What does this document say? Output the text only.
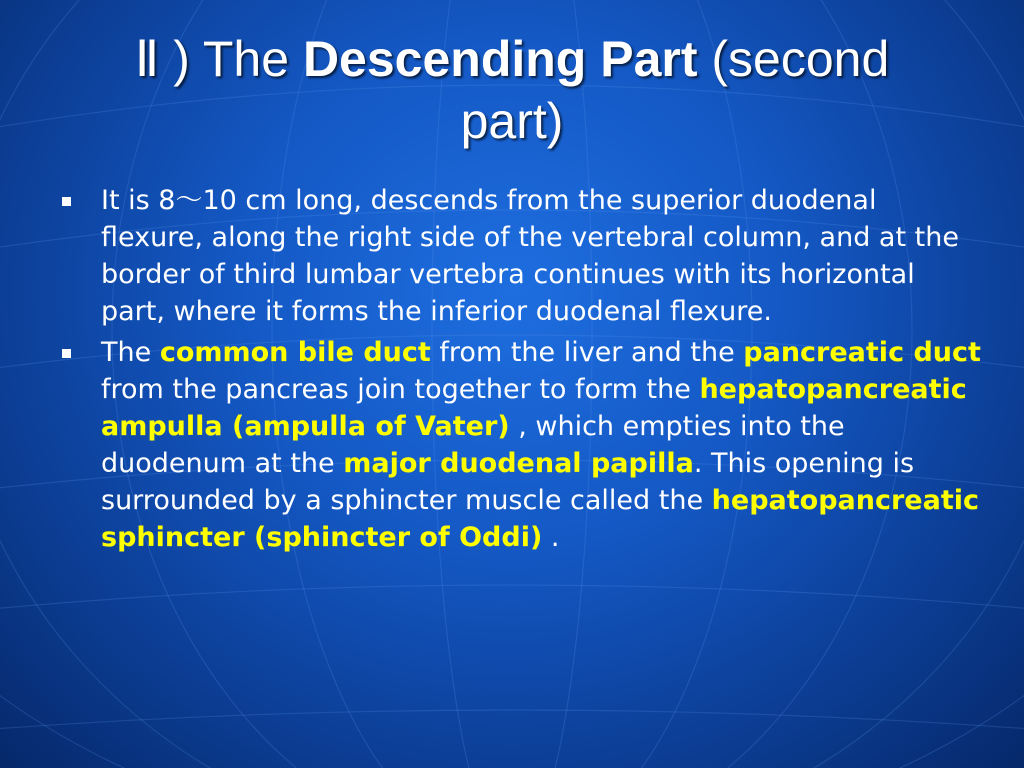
Ⅱ ) The Descending Part (second
part)
It is 8～10 cm long, descends from the superior duodenal flexure, along the right side of the vertebral column, and at the border of third lumbar vertebra continues with its horizontal part, where it forms the inferior duodenal flexure.
The common bile duct from the liver and the pancreatic duct from the pancreas join together to form the hepatopancreatic ampulla (ampulla of Vater) , which empties into the duodenum at the major duodenal papilla. This opening is surrounded by a sphincter muscle called the hepatopancreatic sphincter (sphincter of Oddi) .
